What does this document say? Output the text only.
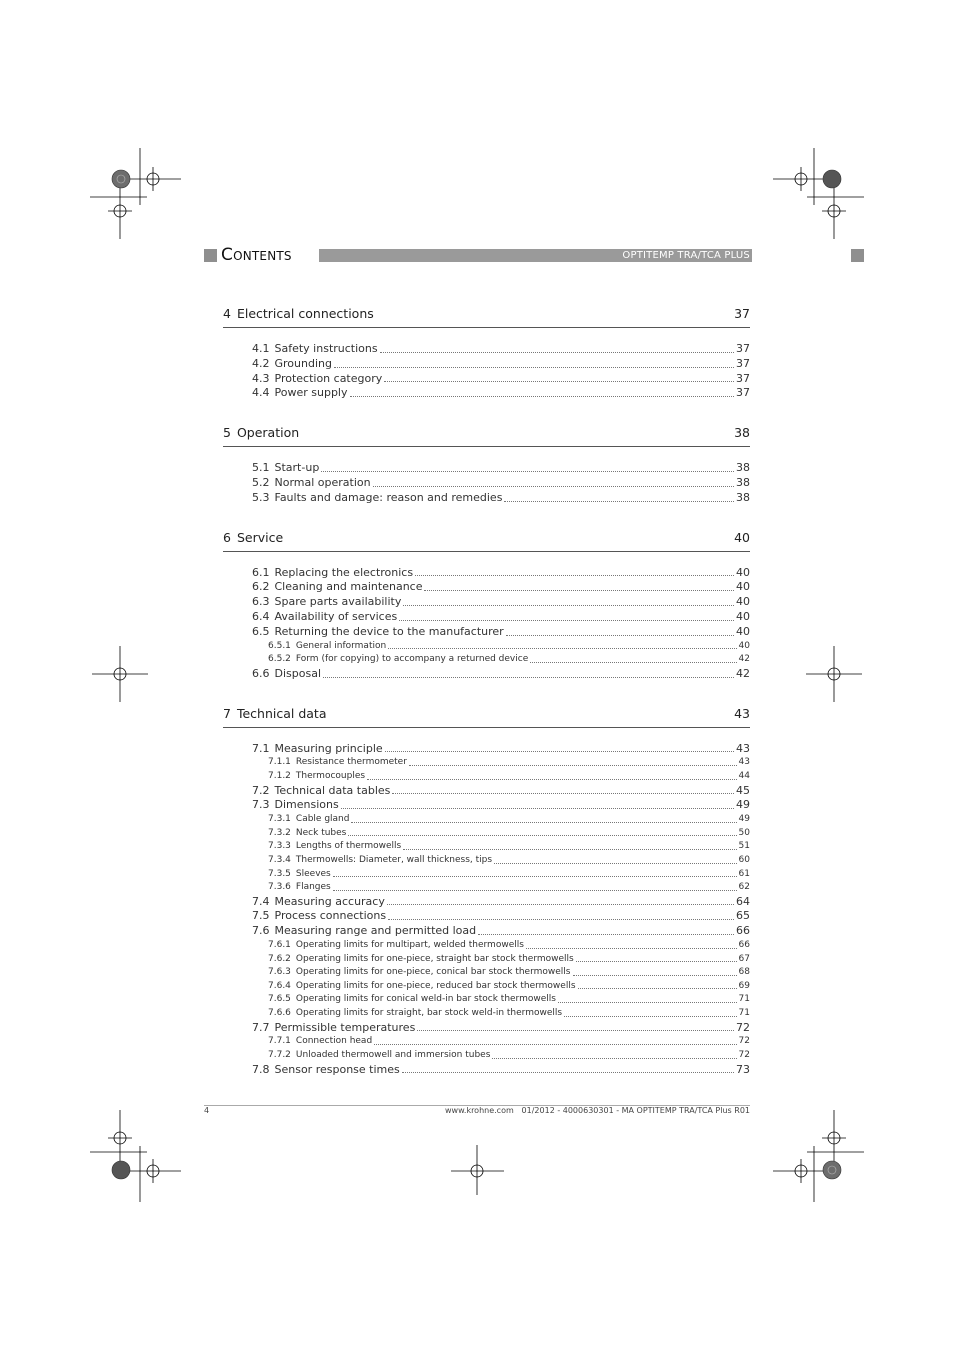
Contents	OPTITEMP TRA/TCA PLUS
4 Electrical connections	37
4.1 Safety instructions	37
4.2 Grounding	37
4.3 Protection category	37
4.4 Power supply	37
5 Operation	38
5.1 Start-up	38
5.2 Normal operation	38
5.3 Faults and damage: reason and remedies	38
6 Service	40
6.1 Replacing the electronics	40
6.2 Cleaning and maintenance	40
6.3 Spare parts availability	40
6.4 Availability of services	40
6.5 Returning the device to the manufacturer	40
6.5.1 General information	40
6.5.2 Form (for copying) to accompany a returned device	42
6.6 Disposal	42
7 Technical data	43
7.1 Measuring principle	43
7.1.1 Resistance thermometer	43
7.1.2 Thermocouples	44
7.2 Technical data tables	45
7.3 Dimensions	49
7.3.1 Cable gland	49
7.3.2 Neck tubes	50
7.3.3 Lengths of thermowells	51
7.3.4 Thermowells: Diameter, wall thickness, tips	60
7.3.5 Sleeves	61
7.3.6 Flanges	62
7.4 Measuring accuracy	64
7.5 Process connections	65
7.6 Measuring range and permitted load	66
7.6.1 Operating limits for multipart, welded thermowells	66
7.6.2 Operating limits for one-piece, straight bar stock thermowells	67
7.6.3 Operating limits for one-piece, conical bar stock thermowells	68
7.6.4 Operating limits for one-piece, reduced bar stock thermowells	69
7.6.5 Operating limits for conical weld-in bar stock thermowells	71
7.6.6 Operating limits for straight, bar stock weld-in thermowells	71
7.7 Permissible temperatures	72
7.7.1 Connection head	72
7.7.2 Unloaded thermowell and immersion tubes	72
7.8 Sensor response times	73
4	www.krohne.com 01/2012 - 4000630301 - MA OPTITEMP TRA/TCA Plus R01
